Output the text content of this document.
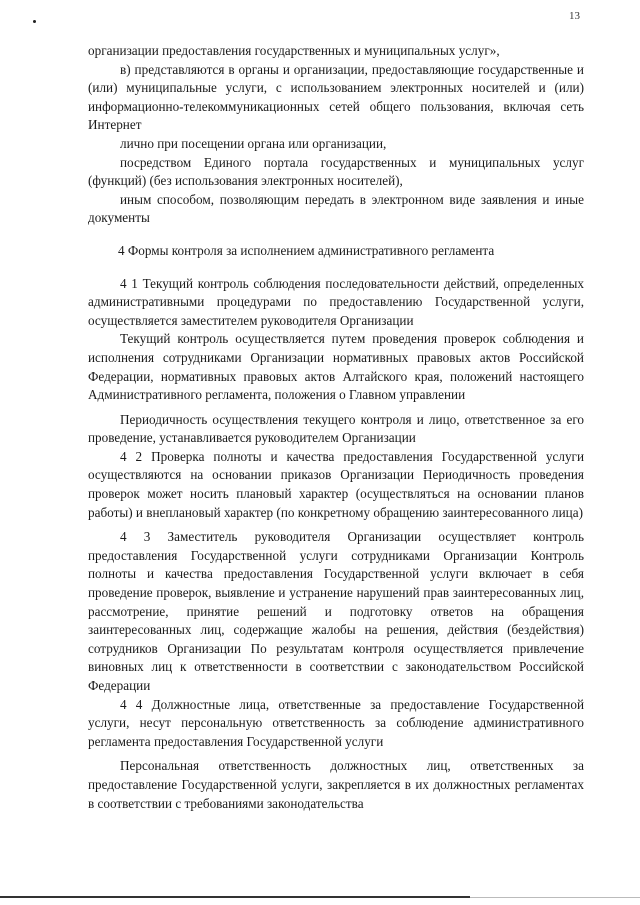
13

организации предоставления государственных и муниципальных услуг»,

в) представляются в органы и организации, предоставляющие государственные и (или) муниципальные услуги, с использованием электронных носителей и (или) информационно-телекоммуникационных сетей общего пользования, включая сеть Интернет

лично при посещении органа или организации,

посредством Единого портала государственных и муниципальных услуг (функций) (без использования электронных носителей),

иным способом, позволяющим передать в электронном виде заявления и иные документы

4 Формы контроля за исполнением административного регламента

4 1 Текущий контроль соблюдения последовательности действий, определенных административными процедурами по предоставлению Государственной услуги, осуществляется заместителем руководителя Организации

Текущий контроль осуществляется путем проведения проверок соблюдения и исполнения сотрудниками Организации нормативных правовых актов Российской Федерации, нормативных правовых актов Алтайского края, положений настоящего Административного регламента, положения о Главном управлении

Периодичность осуществления текущего контроля и лицо, ответственное за его проведение, устанавливается руководителем Организации

4 2 Проверка полноты и качества предоставления Государственной услуги осуществляются на основании приказов Организации Периодичность проведения проверок может носить плановый характер (осуществляться на основании планов работы) и внеплановый характер (по конкретному обращению заинтересованного лица)

4 3 Заместитель руководителя Организации осуществляет контроль предоставления Государственной услуги сотрудниками Организации Контроль полноты и качества предоставления Государственной услуги включает в себя проведение проверок, выявление и устранение нарушений прав заинтересованных лиц, рассмотрение, принятие решений и подготовку ответов на обращения заинтересованных лиц, содержащие жалобы на решения, действия (бездействия) сотрудников Организации По результатам контроля осуществляется привлечение виновных лиц к ответственности в соответствии с законодательством Российской Федерации

4 4 Должностные лица, ответственные за предоставление Государственной услуги, несут персональную ответственность за соблюдение административного регламента предоставления Государственной услуги

Персональная ответственность должностных лиц, ответственных за предоставление Государственной услуги, закрепляется в их должностных регламентах в соответствии с требованиями законодательства
